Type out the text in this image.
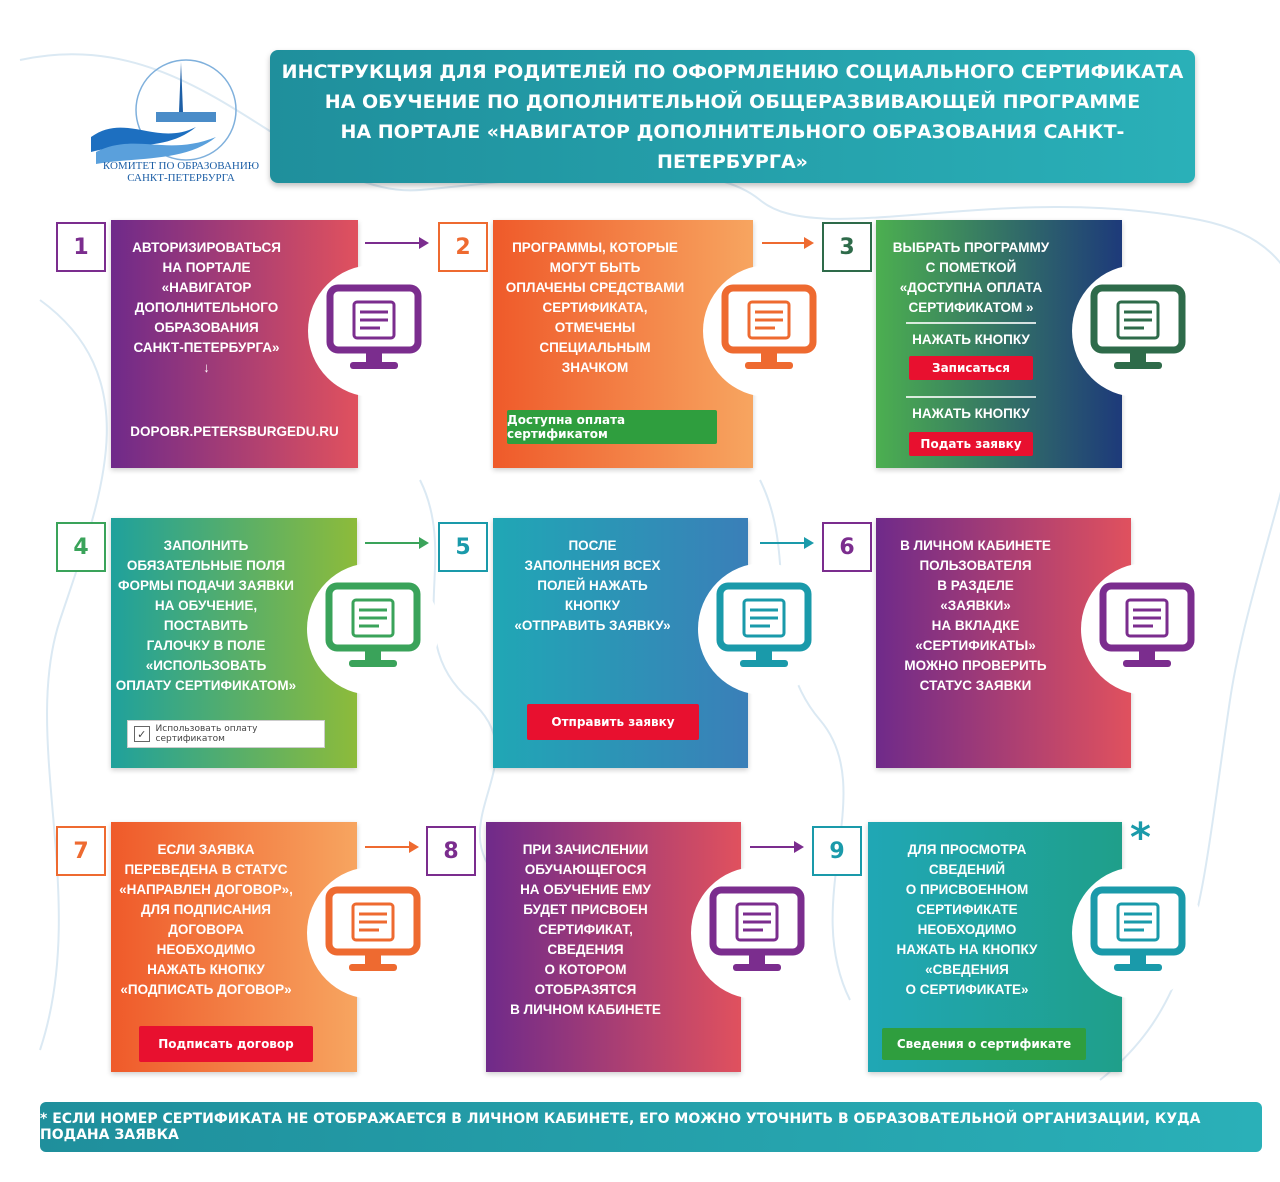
КОМИТЕТ ПО ОБРАЗОВАНИЮ
САНКТ-ПЕТЕРБУРГА
ИНСТРУКЦИЯ ДЛЯ РОДИТЕЛЕЙ ПО ОФОРМЛЕНИЮ СОЦИАЛЬНОГО СЕРТИФИКАТА
НА ОБУЧЕНИЕ ПО ДОПОЛНИТЕЛЬНОЙ ОБЩЕРАЗВИВАЮЩЕЙ ПРОГРАММЕ
НА ПОРТАЛЕ «НАВИГАТОР ДОПОЛНИТЕЛЬНОГО ОБРАЗОВАНИЯ САНКТ-ПЕТЕРБУРГА»
1	АВТОРИЗИРОВАТЬСЯ
НА ПОРТАЛЕ
«НАВИГАТОР
ДОПОЛНИТЕЛЬНОГО
ОБРАЗОВАНИЯ
САНКТ-ПЕТЕРБУРГА»
↓
DOPOBR.PETERSBURGEDU.RU
2	ПРОГРАММЫ, КОТОРЫЕ
МОГУТ БЫТЬ
ОПЛАЧЕНЫ СРЕДСТВАМИ
СЕРТИФИКАТА,
ОТМЕЧЕНЫ
СПЕЦИАЛЬНЫМ
ЗНАЧКОМ
Доступна оплата сертификатом
3	ВЫБРАТЬ ПРОГРАММУ
С ПОМЕТКОЙ
«ДОСТУПНА ОПЛАТА
СЕРТИФИКАТОМ »
НАЖАТЬ КНОПКУ
Записаться
НАЖАТЬ КНОПКУ
Подать заявку
4	ЗАПОЛНИТЬ
ОБЯЗАТЕЛЬНЫЕ ПОЛЯ
ФОРМЫ ПОДАЧИ ЗАЯВКИ
НА ОБУЧЕНИЕ,
ПОСТАВИТЬ
ГАЛОЧКУ В ПОЛЕ
«ИСПОЛЬЗОВАТЬ
ОПЛАТУ СЕРТИФИКАТОМ»
✓	Использовать оплату сертификатом
5	ПОСЛЕ
ЗАПОЛНЕНИЯ ВСЕХ
ПОЛЕЙ НАЖАТЬ
КНОПКУ
«ОТПРАВИТЬ ЗАЯВКУ»
Отправить заявку
6	В ЛИЧНОМ КАБИНЕТЕ
ПОЛЬЗОВАТЕЛЯ
В РАЗДЕЛЕ
«ЗАЯВКИ»
НА ВКЛАДКЕ
«СЕРТИФИКАТЫ»
МОЖНО ПРОВЕРИТЬ
СТАТУС ЗАЯВКИ
7	ЕСЛИ ЗАЯВКА
ПЕРЕВЕДЕНА В СТАТУС
«НАПРАВЛЕН ДОГОВОР»,
ДЛЯ ПОДПИСАНИЯ
ДОГОВОРА
НЕОБХОДИМО
НАЖАТЬ КНОПКУ
«ПОДПИСАТЬ ДОГОВОР»
Подписать договор
8	ПРИ ЗАЧИСЛЕНИИ
ОБУЧАЮЩЕГОСЯ
НА ОБУЧЕНИЕ ЕМУ
БУДЕТ ПРИСВОЕН
СЕРТИФИКАТ,
СВЕДЕНИЯ
О КОТОРОМ
ОТОБРАЗЯТСЯ
В ЛИЧНОМ КАБИНЕТЕ
9	ДЛЯ ПРОСМОТРА
СВЕДЕНИЙ
О ПРИСВОЕННОМ
СЕРТИФИКАТЕ
НЕОБХОДИМО
НАЖАТЬ НА КНОПКУ
«СВЕДЕНИЯ
О СЕРТИФИКАТЕ»
Сведения о сертификате
*
* ЕСЛИ НОМЕР СЕРТИФИКАТА НЕ ОТОБРАЖАЕТСЯ В ЛИЧНОМ КАБИНЕТЕ, ЕГО МОЖНО УТОЧНИТЬ В ОБРАЗОВАТЕЛЬНОЙ ОРГАНИЗАЦИИ, КУДА ПОДАНА ЗАЯВКА
